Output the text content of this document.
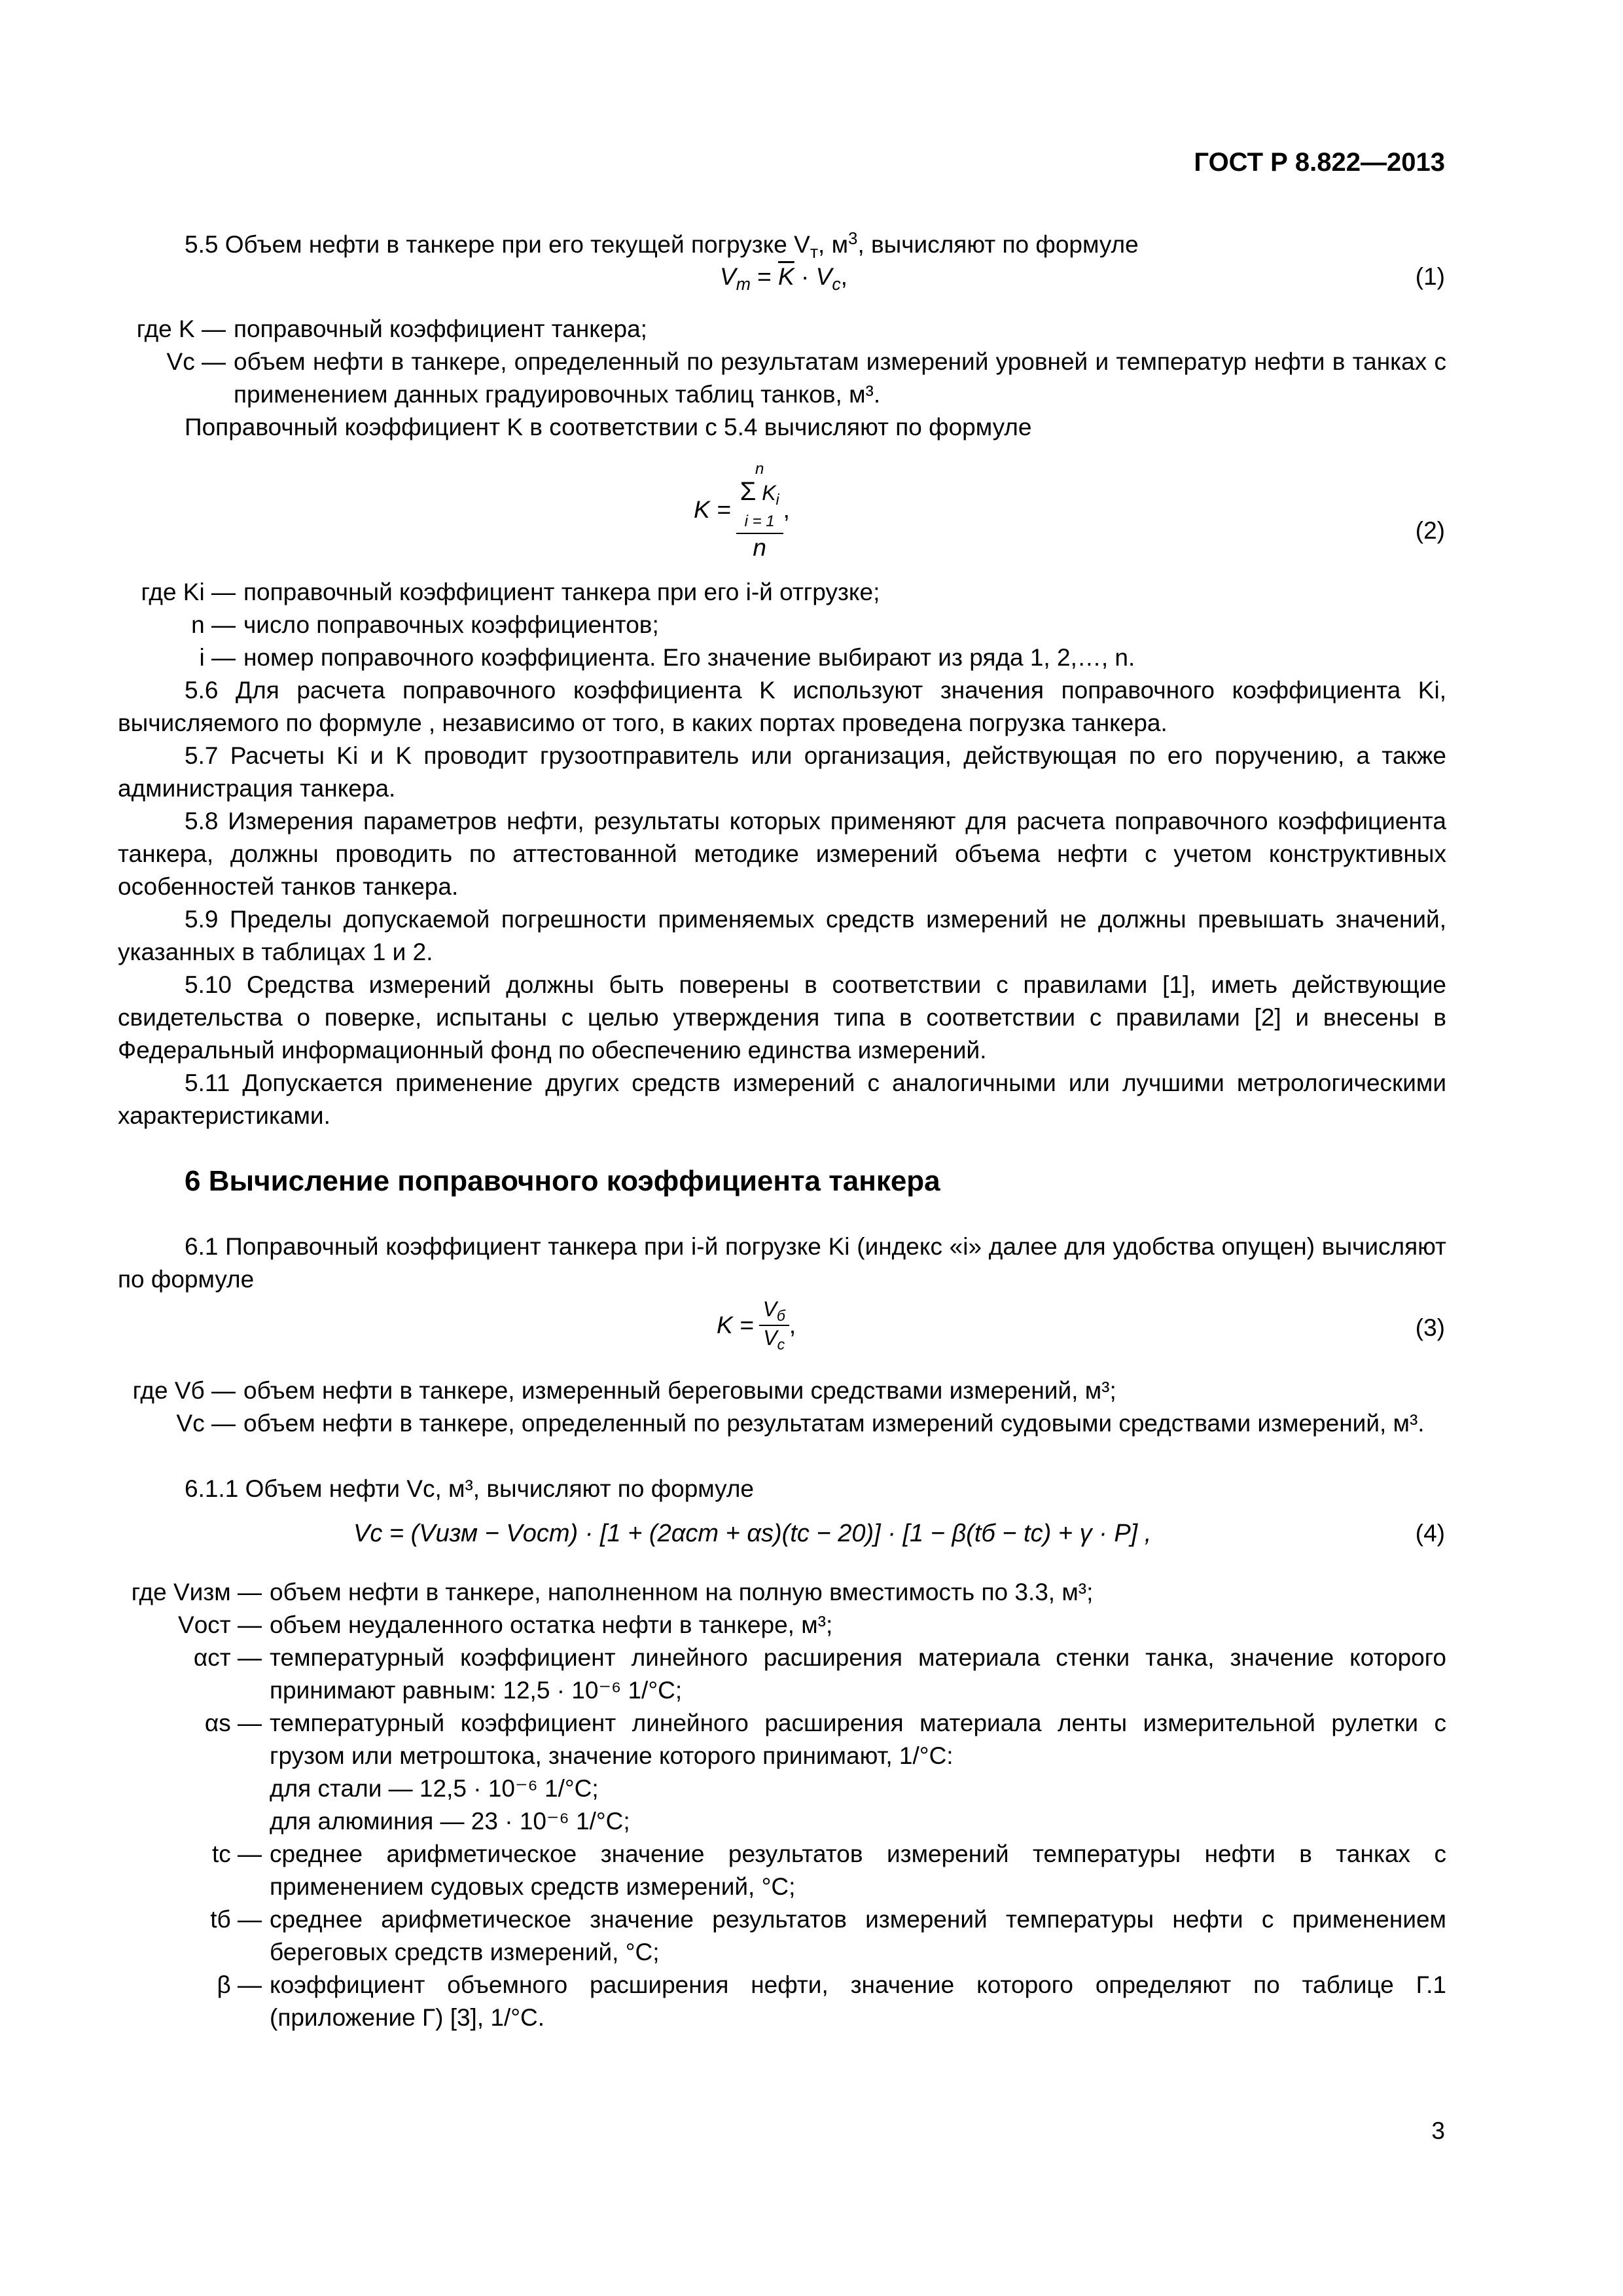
ГОСТ Р 8.822—2013
5.5 Объем нефти в танкере при его текущей погрузке $V_т$, $м^3$, вычисляют по формуле
$V_т = \overline{K} \cdot V_с$,	(1)
где K — поправочный коэффициент танкера;
Vс — объем нефти в танкере, определенный по результатам измерений уровней и температур нефти в танках с применением данных градуировочных таблиц танков, м³.
Поправочный коэффициент K в соответствии с 5.4 вычисляют по формуле
K = n
Σ $K_i$
i = 1
n ,
(2)
где Ki — поправочный коэффициент танкера при его i-й отгрузке;
n — число поправочных коэффициентов;
i — номер поправочного коэффициента. Его значение выбирают из ряда 1, 2,…, n.
5.6 Для расчета поправочного коэффициента K используют значения поправочного коэффициента Ki, вычисляемого по формуле , независимо от того, в каких портах проведена погрузка танкера.
5.7 Расчеты Ki и K проводит грузоотправитель или организация, действующая по его поручению, а также администрация танкера.
5.8 Измерения параметров нефти, результаты которых применяют для расчета поправочного коэффициента танкера, должны проводить по аттестованной методике измерений объема нефти с учетом конструктивных особенностей танков танкера.
5.9 Пределы допускаемой погрешности применяемых средств измерений не должны превышать значений, указанных в таблицах 1 и 2.
5.10 Средства измерений должны быть поверены в соответствии с правилами [1], иметь действующие свидетельства о поверке, испытаны с целью утверждения типа в соответствии с правилами [2] и внесены в Федеральный информационный фонд по обеспечению единства измерений.
5.11 Допускается применение других средств измерений с аналогичными или лучшими метрологическими характеристиками.
6 Вычисление поправочного коэффициента танкера
6.1 Поправочный коэффициент танкера при i-й погрузке Ki (индекс «i» далее для удобства опущен) вычисляют по формуле
$K = \frac{V_б}{V_с}$ ,	(3)
где Vб — объем нефти в танкере, измеренный береговыми средствами измерений, м³;
Vс — объем нефти в танкере, определенный по результатам измерений судовыми средствами измерений, м³.
6.1.1 Объем нефти Vс, м³, вычисляют по формуле
Vс = (Vизм − Vост) · [1 + (2αст + αs)(tс − 20)] · [1 − β(tб − tс) + γ · P] ,	(4)
где Vизм — объем нефти в танкере, наполненном на полную вместимость по 3.3, м³;
Vост — объем неудаленного остатка нефти в танкере, м³;
αст — температурный коэффициент линейного расширения материала стенки танка, значение которого принимают равным: 12,5 · 10⁻⁶ 1/°С;
αs — температурный коэффициент линейного расширения материала ленты измерительной рулетки с грузом или метроштока, значение которого принимают, 1/°С:
для стали — 12,5 · 10⁻⁶ 1/°С;
для алюминия — 23 · 10⁻⁶ 1/°С;
tс — среднее арифметическое значение результатов измерений температуры нефти в танках с применением судовых средств измерений, °С;
tб — среднее арифметическое значение результатов измерений температуры нефти с применением береговых средств измерений, °С;
β — коэффициент объемного расширения нефти, значение которого определяют по таблице Г.1 (приложение Г) [3], 1/°С.
3
